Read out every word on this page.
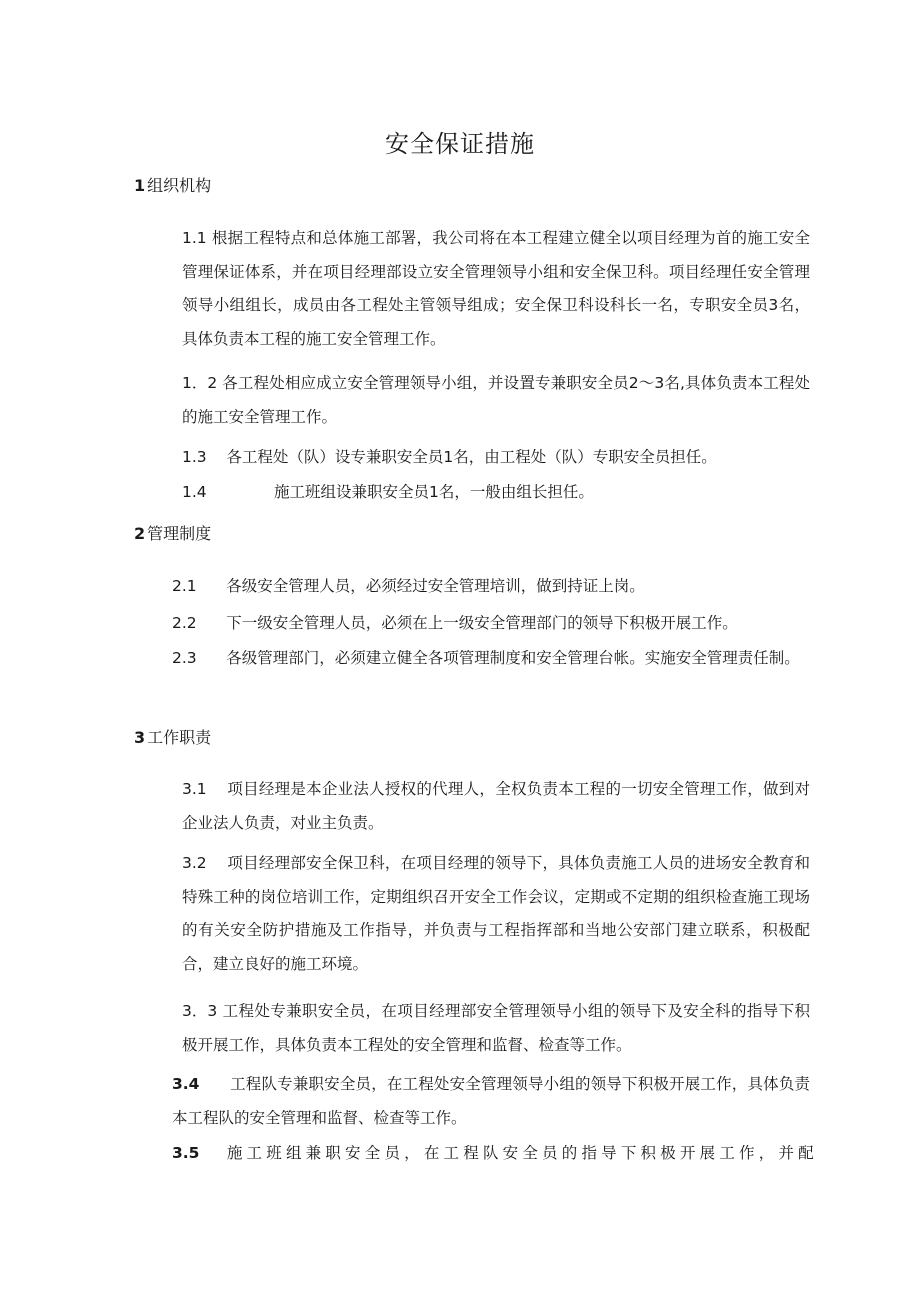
安全保证措施
1 组织机构
1.1 根据工程特点和总体施工部署，我公司将在本工程建立健全以项目经理为首的施工安全管理保证体系，并在项目经理部设立安全管理领导小组和安全保卫科。项目经理任安全管理领导小组组长，成员由各工程处主管领导组成；安全保卫科设科长一名，专职安全员3名，具体负责本工程的施工安全管理工作。
1．2 各工程处相应成立安全管理领导小组，并设置专兼职安全员2～3名,具体负责本工程处的施工安全管理工作。
1.3 各工程处（队）设专兼职安全员1名，由工程处（队）专职安全员担任。
1.4	施工班组设兼职安全员1名，一般由组长担任。
2 管理制度
2.1 各级安全管理人员，必须经过安全管理培训，做到持证上岗。
2.2 下一级安全管理人员，必须在上一级安全管理部门的领导下积极开展工作。
2.3 各级管理部门，必须建立健全各项管理制度和安全管理台帐。实施安全管理责任制。
3 工作职责
3.1 项目经理是本企业法人授权的代理人，全权负责本工程的一切安全管理工作，做到对企业法人负责，对业主负责。
3.2 项目经理部安全保卫科，在项目经理的领导下，具体负责施工人员的进场安全教育和特殊工种的岗位培训工作，定期组织召开安全工作会议，定期或不定期的组织检查施工现场的有关安全防护措施及工作指导，并负责与工程指挥部和当地公安部门建立联系，积极配合，建立良好的施工环境。
3．3 工程处专兼职安全员，在项目经理部安全管理领导小组的领导下及安全科的指导下积极开展工作，具体负责本工程处的安全管理和监督、检查等工作。
3.4 工程队专兼职安全员，在工程处安全管理领导小组的领导下积极开展工作，具体负责本工程队的安全管理和监督、检查等工作。
3.5 施工班组兼职安全员，在工程队安全员的指导下积极开展工作，并配
